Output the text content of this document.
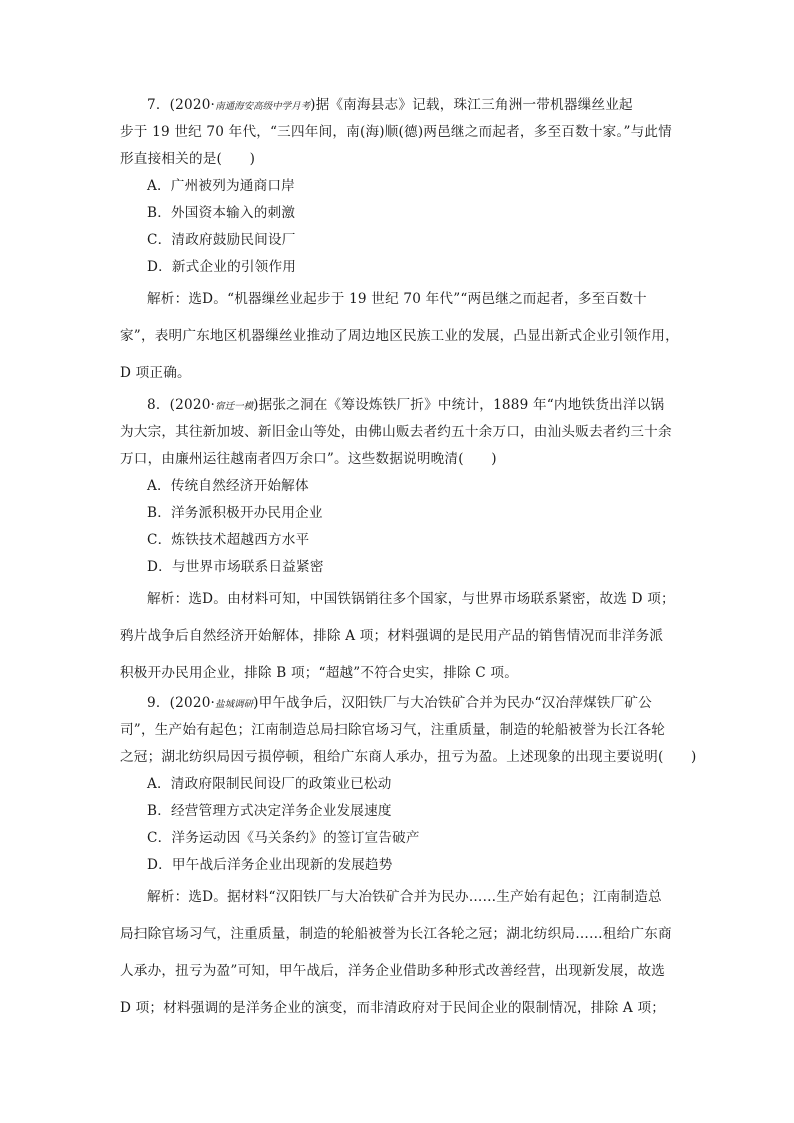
7．(2020·南通海安高级中学月考)据《南海县志》记载，珠江三角洲一带机器缫丝业起
步于 19 世纪 70 年代，“三四年间，南(海)顺(德)两邑继之而起者，多至百数十家。”与此情
形直接相关的是(　　)
A．广州被列为通商口岸
B．外国资本输入的刺激
C．清政府鼓励民间设厂
D．新式企业的引领作用
解析：选D。“机器缫丝业起步于 19 世纪 70 年代”“两邑继之而起者，多至百数十
家”，表明广东地区机器缫丝业推动了周边地区民族工业的发展，凸显出新式企业引领作用，
D 项正确。
8．(2020·宿迁一模)据张之洞在《筹设炼铁厂折》中统计，1889 年“内地铁货出洋以锅
为大宗，其往新加坡、新旧金山等处，由佛山贩去者约五十余万口，由汕头贩去者约三十余
万口，由廉州运往越南者四万余口”。这些数据说明晚清(　　)
A．传统自然经济开始解体
B．洋务派积极开办民用企业
C．炼铁技术超越西方水平
D．与世界市场联系日益紧密
解析：选D。由材料可知，中国铁锅销往多个国家，与世界市场联系紧密，故选 D 项；
鸦片战争后自然经济开始解体，排除 A 项；材料强调的是民用产品的销售情况而非洋务派
积极开办民用企业，排除 B 项；“超越”不符合史实，排除 C 项。
9．(2020·盐城调研)甲午战争后，汉阳铁厂与大冶铁矿合并为民办“汉冶萍煤铁厂矿公
司”，生产始有起色；江南制造总局扫除官场习气，注重质量，制造的轮船被誉为长江各轮
之冠；湖北纺织局因亏损停顿，租给广东商人承办，扭亏为盈。上述现象的出现主要说明(　　)
A．清政府限制民间设厂的政策业已松动
B．经营管理方式决定洋务企业发展速度
C．洋务运动因《马关条约》的签订宣告破产
D．甲午战后洋务企业出现新的发展趋势
解析：选D。据材料“汉阳铁厂与大冶铁矿合并为民办……生产始有起色；江南制造总
局扫除官场习气，注重质量，制造的轮船被誉为长江各轮之冠；湖北纺织局……租给广东商
人承办，扭亏为盈”可知，甲午战后，洋务企业借助多种形式改善经营，出现新发展，故选
D 项；材料强调的是洋务企业的演变，而非清政府对于民间企业的限制情况，排除 A 项；
